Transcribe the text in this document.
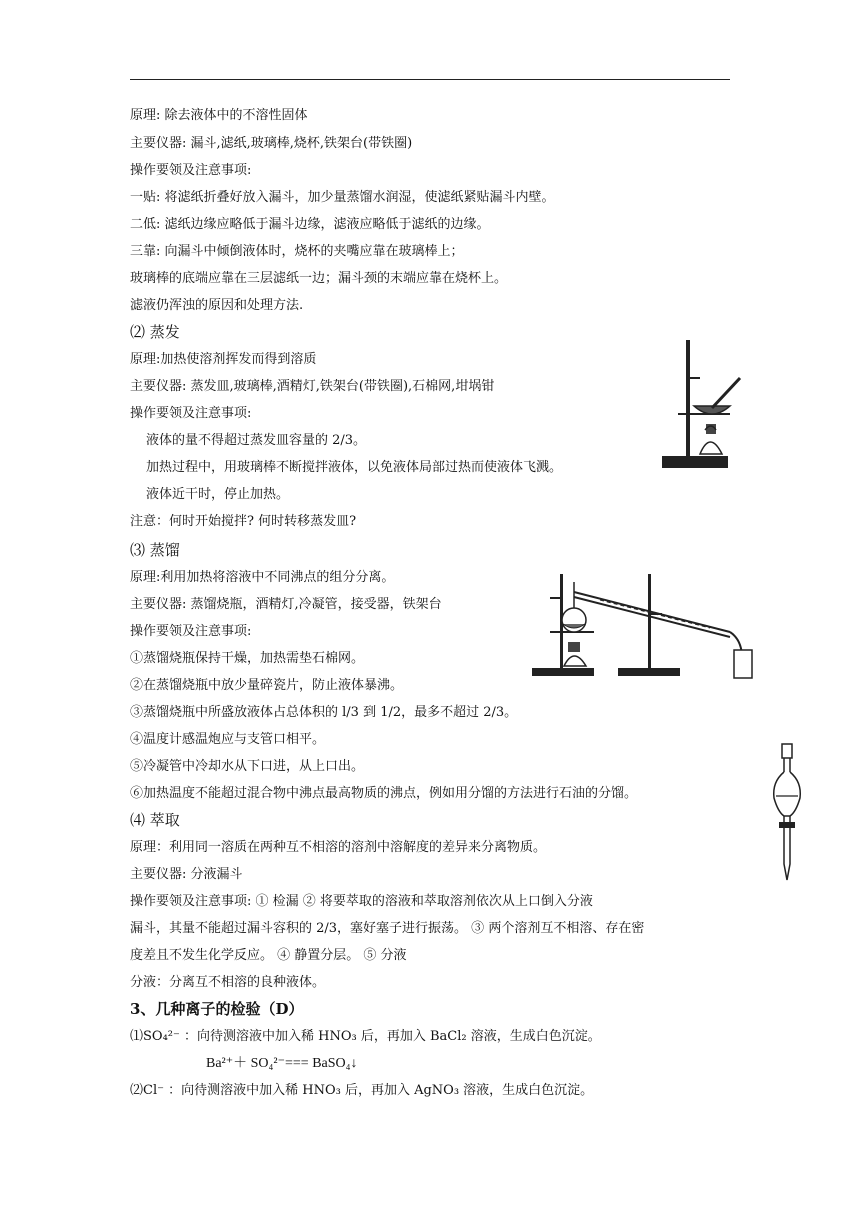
原理: 除去液体中的不溶性固体
主要仪器: 漏斗,滤纸,玻璃棒,烧杯,铁架台(带铁圈)
操作要领及注意事项:
一贴: 将滤纸折叠好放入漏斗，加少量蒸馏水润湿，使滤纸紧贴漏斗内壁。
二低: 滤纸边缘应略低于漏斗边缘，滤液应略低于滤纸的边缘。
三靠: 向漏斗中倾倒液体时，烧杯的夹嘴应靠在玻璃棒上；
玻璃棒的底端应靠在三层滤纸一边；漏斗颈的末端应靠在烧杯上。
滤液仍浑浊的原因和处理方法.
⑵ 蒸发
原理:加热使溶剂挥发而得到溶质
主要仪器: 蒸发皿,玻璃棒,酒精灯,铁架台(带铁圈),石棉网,坩埚钳
操作要领及注意事项:
液体的量不得超过蒸发皿容量的 2/3。
加热过程中，用玻璃棒不断搅拌液体，以免液体局部过热而使液体飞溅。
液体近干时，停止加热。
注意：何时开始搅拌? 何时转移蒸发皿?
⑶ 蒸馏
原理:利用加热将溶液中不同沸点的组分分离。
主要仪器: 蒸馏烧瓶，酒精灯,冷凝管，接受器，铁架台
操作要领及注意事项:
①蒸馏烧瓶保持干燥，加热需垫石棉网。
②在蒸馏烧瓶中放少量碎瓷片，防止液体暴沸。
③蒸馏烧瓶中所盛放液体占总体积的 l/3 到 1/2，最多不超过 2/3。
④温度计感温炮应与支管口相平。
⑤冷凝管中冷却水从下口进，从上口出。
⑥加热温度不能超过混合物中沸点最高物质的沸点，例如用分馏的方法进行石油的分馏。
⑷ 萃取
原理：利用同一溶质在两种互不相溶的溶剂中溶解度的差异来分离物质。
主要仪器: 分液漏斗
操作要领及注意事项: ① 检漏 ② 将要萃取的溶液和萃取溶剂依次从上口倒入分液
漏斗，其量不能超过漏斗容积的 2/3，塞好塞子进行振荡。 ③ 两个溶剂互不相溶、存在密
度差且不发生化学反应。 ④ 静置分层。 ⑤ 分液
分液：分离互不相溶的良种液体。
3、几种离子的检验（D）
⑴SO₄²⁻ ：向待测溶液中加入稀 HNO₃ 后，再加入 BaCl₂ 溶液，生成白色沉淀。
Ba²⁺＋ SO₄²⁻=== BaSO₄↓
⑵Cl⁻ ：向待测溶液中加入稀 HNO₃ 后，再加入 AgNO₃ 溶液，生成白色沉淀。
